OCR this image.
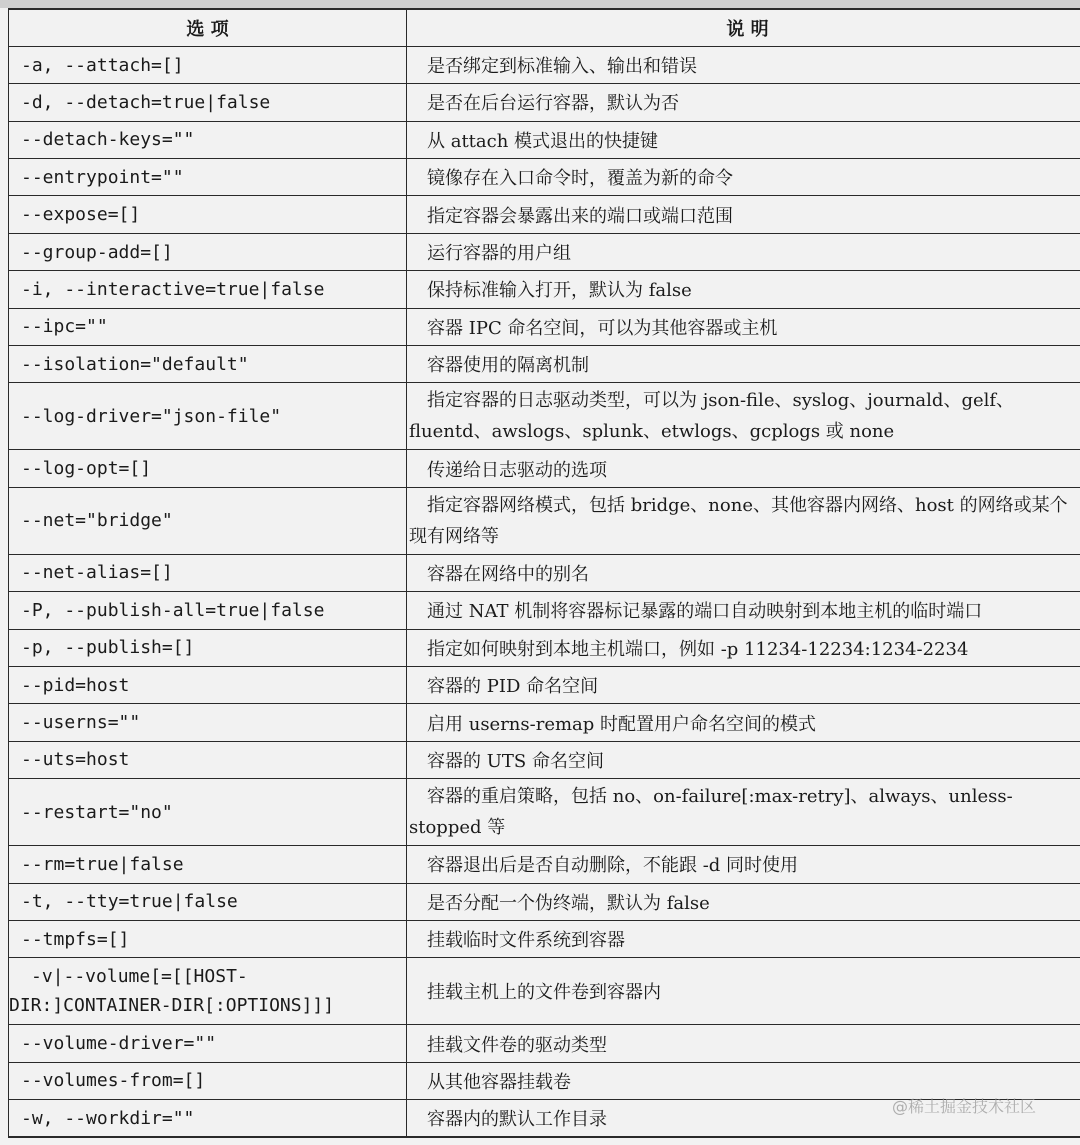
选 项	说 明
-a, --attach=[]	是否绑定到标准输入、输出和错误
-d, --detach=true|false	是否在后台运行容器，默认为否
--detach-keys=""	从 attach 模式退出的快捷键
--entrypoint=""	镜像存在入口命令时，覆盖为新的命令
--expose=[]	指定容器会暴露出来的端口或端口范围
--group-add=[]	运行容器的用户组
-i, --interactive=true|false	保持标准输入打开，默认为 false
--ipc=""	容器 IPC 命名空间，可以为其他容器或主机
--isolation="default"	容器使用的隔离机制
--log-driver="json-file"	指定容器的日志驱动类型，可以为 json-file、syslog、journald、gelf、fluentd、awslogs、splunk、etwlogs、gcplogs 或 none
--log-opt=[]	传递给日志驱动的选项
--net="bridge"	指定容器网络模式，包括 bridge、none、其他容器内网络、host 的网络或某个现有网络等
--net-alias=[]	容器在网络中的别名
-P, --publish-all=true|false	通过 NAT 机制将容器标记暴露的端口自动映射到本地主机的临时端口
-p, --publish=[]	指定如何映射到本地主机端口，例如 -p 11234-12234:1234-2234
--pid=host	容器的 PID 命名空间
--userns=""	启用 userns-remap 时配置用户命名空间的模式
--uts=host	容器的 UTS 命名空间
--restart="no"	容器的重启策略，包括 no、on-failure[:max-retry]、always、unless-stopped 等
--rm=true|false	容器退出后是否自动删除，不能跟 -d 同时使用
-t, --tty=true|false	是否分配一个伪终端，默认为 false
--tmpfs=[]	挂载临时文件系统到容器
-v|--volume[=[[HOST-DIR:]CONTAINER-DIR[:OPTIONS]]]	挂载主机上的文件卷到容器内
--volume-driver=""	挂载文件卷的驱动类型
--volumes-from=[]	从其他容器挂载卷
-w, --workdir=""	容器内的默认工作目录
@稀土掘金技术社区
